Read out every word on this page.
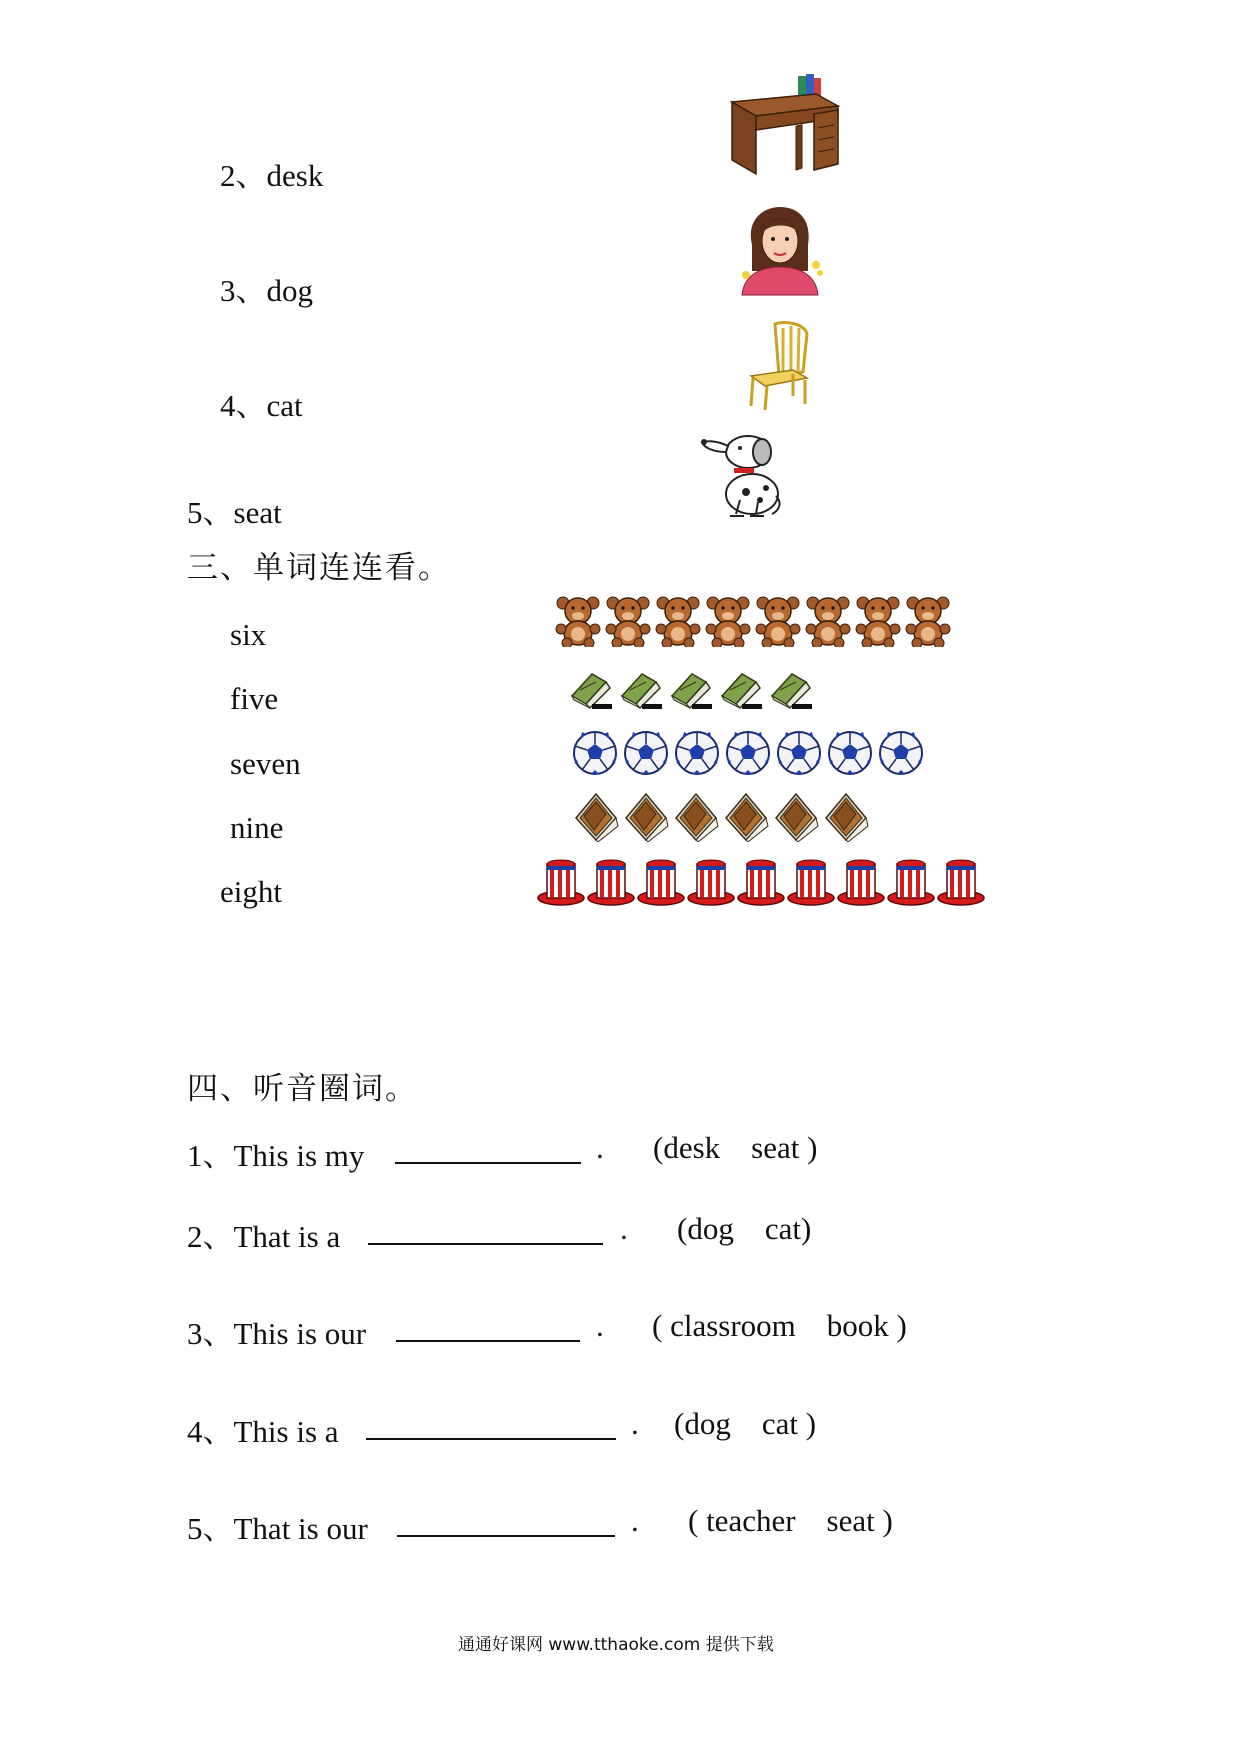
2、desk
3、dog
4、cat
5、seat
三、单词连连看。
six
five
seven
nine
eight
四、听音圈词。
1、This is my	. (desk    seat )
2、That is a	. (dog    cat)
3、This is our	. ( classroom    book )
4、This is a	. (dog    cat )
5、That is our	. ( teacher    seat )
通通好课网 www.tthaoke.com 提供下载
